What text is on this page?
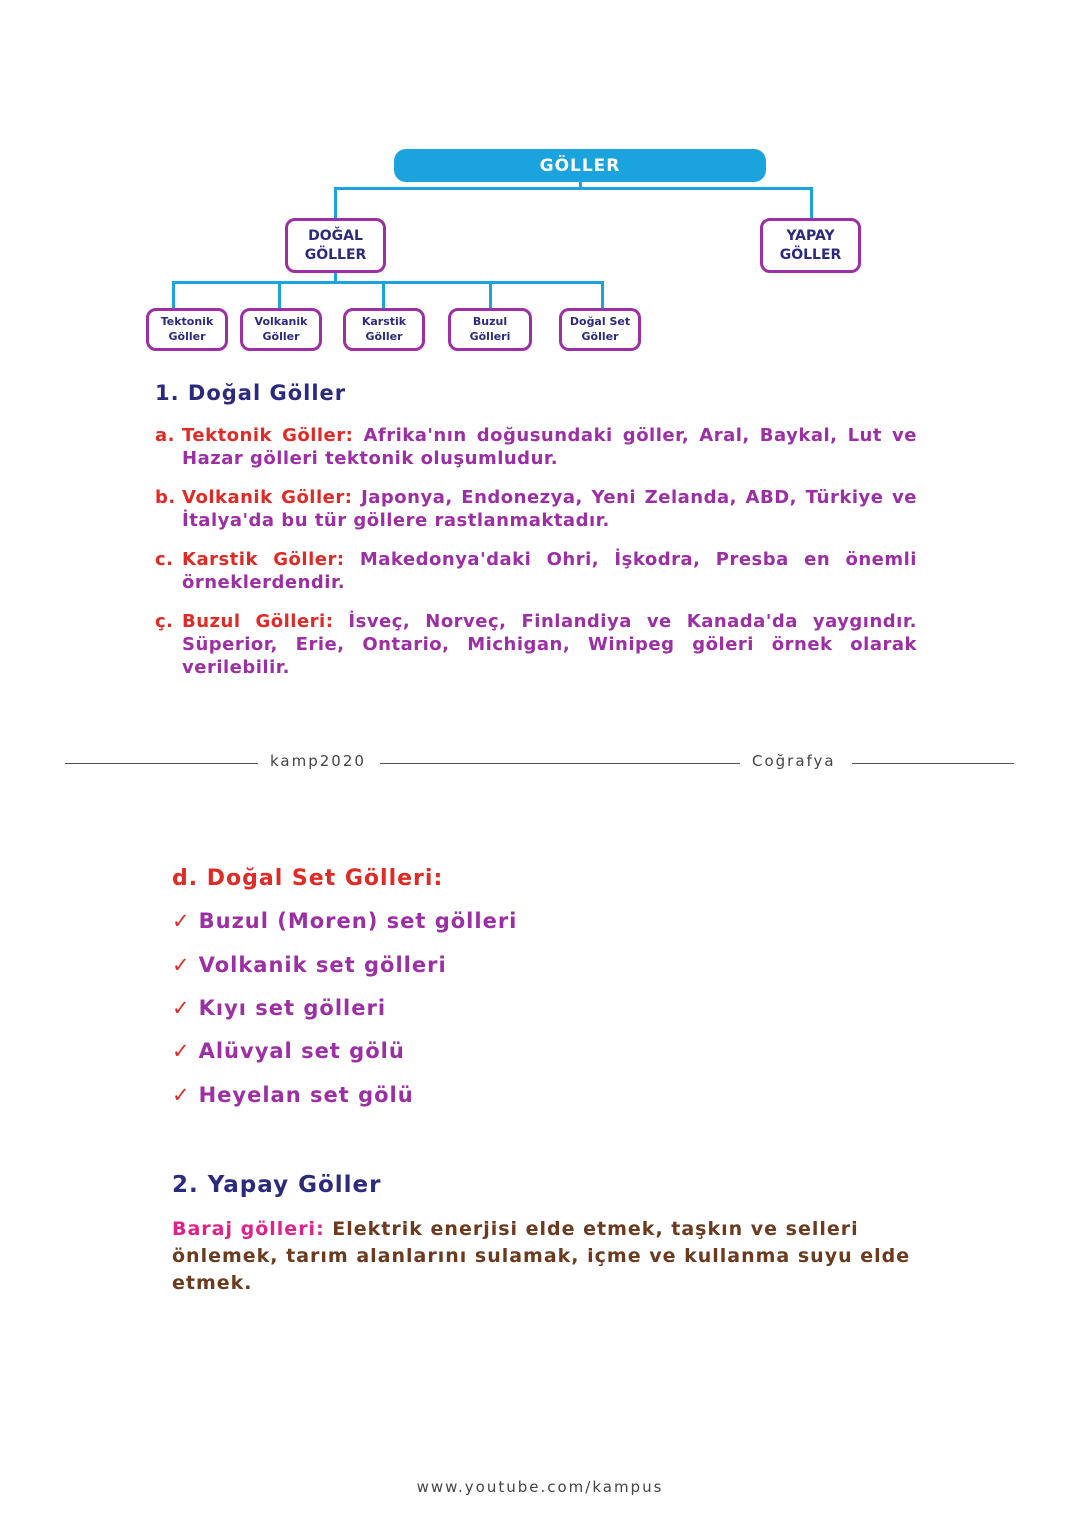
GÖLLER
DOĞAL
GÖLLER
YAPAY
GÖLLER
Tektonik
Göller
Volkanik
Göller
Karstik
Göller
Buzul
Gölleri
Doğal Set
Göller
1. Doğal Göller
a. Tektonik Göller: Afrika'nın doğusundaki göller, Aral, Baykal, Lut ve Hazar gölleri tektonik oluşumludur.
b. Volkanik Göller: Japonya, Endonezya, Yeni Zelanda, ABD, Türkiye ve İtalya'da bu tür göllere rastlanmaktadır.
c. Karstik Göller: Makedonya'daki Ohri, İşkodra, Presba en önemli örneklerdendir.
ç. Buzul Gölleri: İsveç, Norveç, Finlandiya ve Kanada'da yaygındır. Süperior, Erie, Ontario, Michigan, Winipeg göleri örnek olarak verilebilir.
kamp2020	Coğrafya
d. Doğal Set Gölleri:
✓ Buzul (Moren) set gölleri
✓ Volkanik set gölleri
✓ Kıyı set gölleri
✓ Alüvyal set gölü
✓ Heyelan set gölü
2. Yapay Göller
Baraj gölleri: Elektrik enerjisi elde etmek, taşkın ve selleri önlemek, tarım alanlarını sulamak, içme ve kullanma suyu elde etmek.
www.youtube.com/kampus
